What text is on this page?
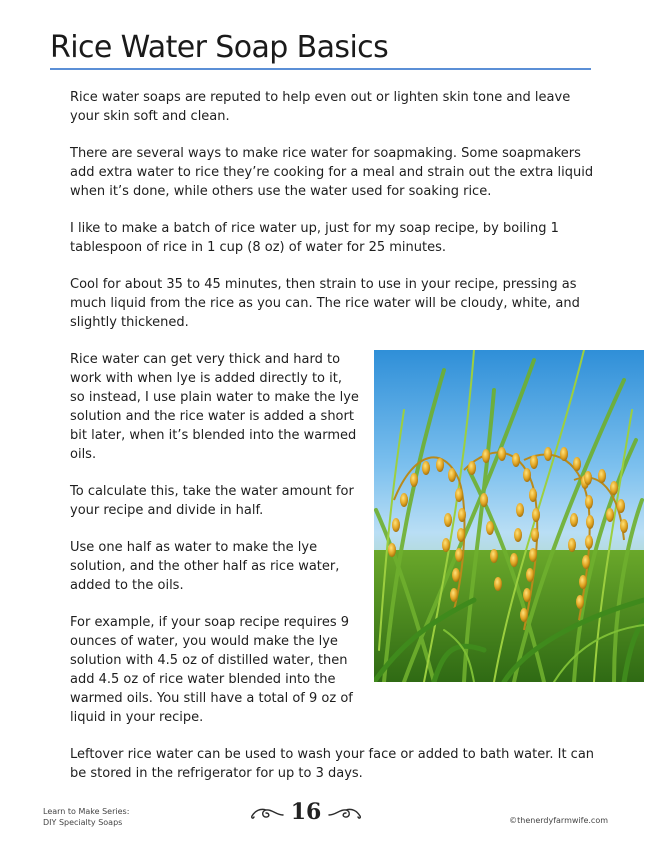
Rice Water Soap Basics

Rice water soaps are reputed to help even out or lighten skin tone and leave your skin soft and clean.

There are several ways to make rice water for soapmaking. Some soapmakers add extra water to rice they’re cooking for a meal and strain out the extra liquid when it’s done, while others use the water used for soaking rice.

I like to make a batch of rice water up, just for my soap recipe, by boiling 1 tablespoon of rice in 1 cup (8 oz) of water for 25 minutes.

Cool for about 35 to 45 minutes, then strain to use in your recipe, pressing as much liquid from the rice as you can. The rice water will be cloudy, white, and slightly thickened.

Rice water can get very thick and hard to work with when lye is added directly to it, so instead, I use plain water to make the lye solution and the rice water is added a short bit later, when it’s blended into the warmed oils.

To calculate this, take the water amount for your recipe and divide in half.

Use one half as water to make the lye solution, and the other half as rice water, added to the oils.

For example, if your soap recipe requires 9 ounces of water, you would make the lye solution with 4.5 oz of distilled water, then add 4.5 oz of rice water blended into the warmed oils. You still have a total of 9 oz of liquid in your recipe.

Leftover rice water can be used to wash your face or added to bath water. It can be stored in the refrigerator for up to 3 days.

Learn to Make Series:
DIY Specialty Soaps	16	©thenerdyfarmwife.com
